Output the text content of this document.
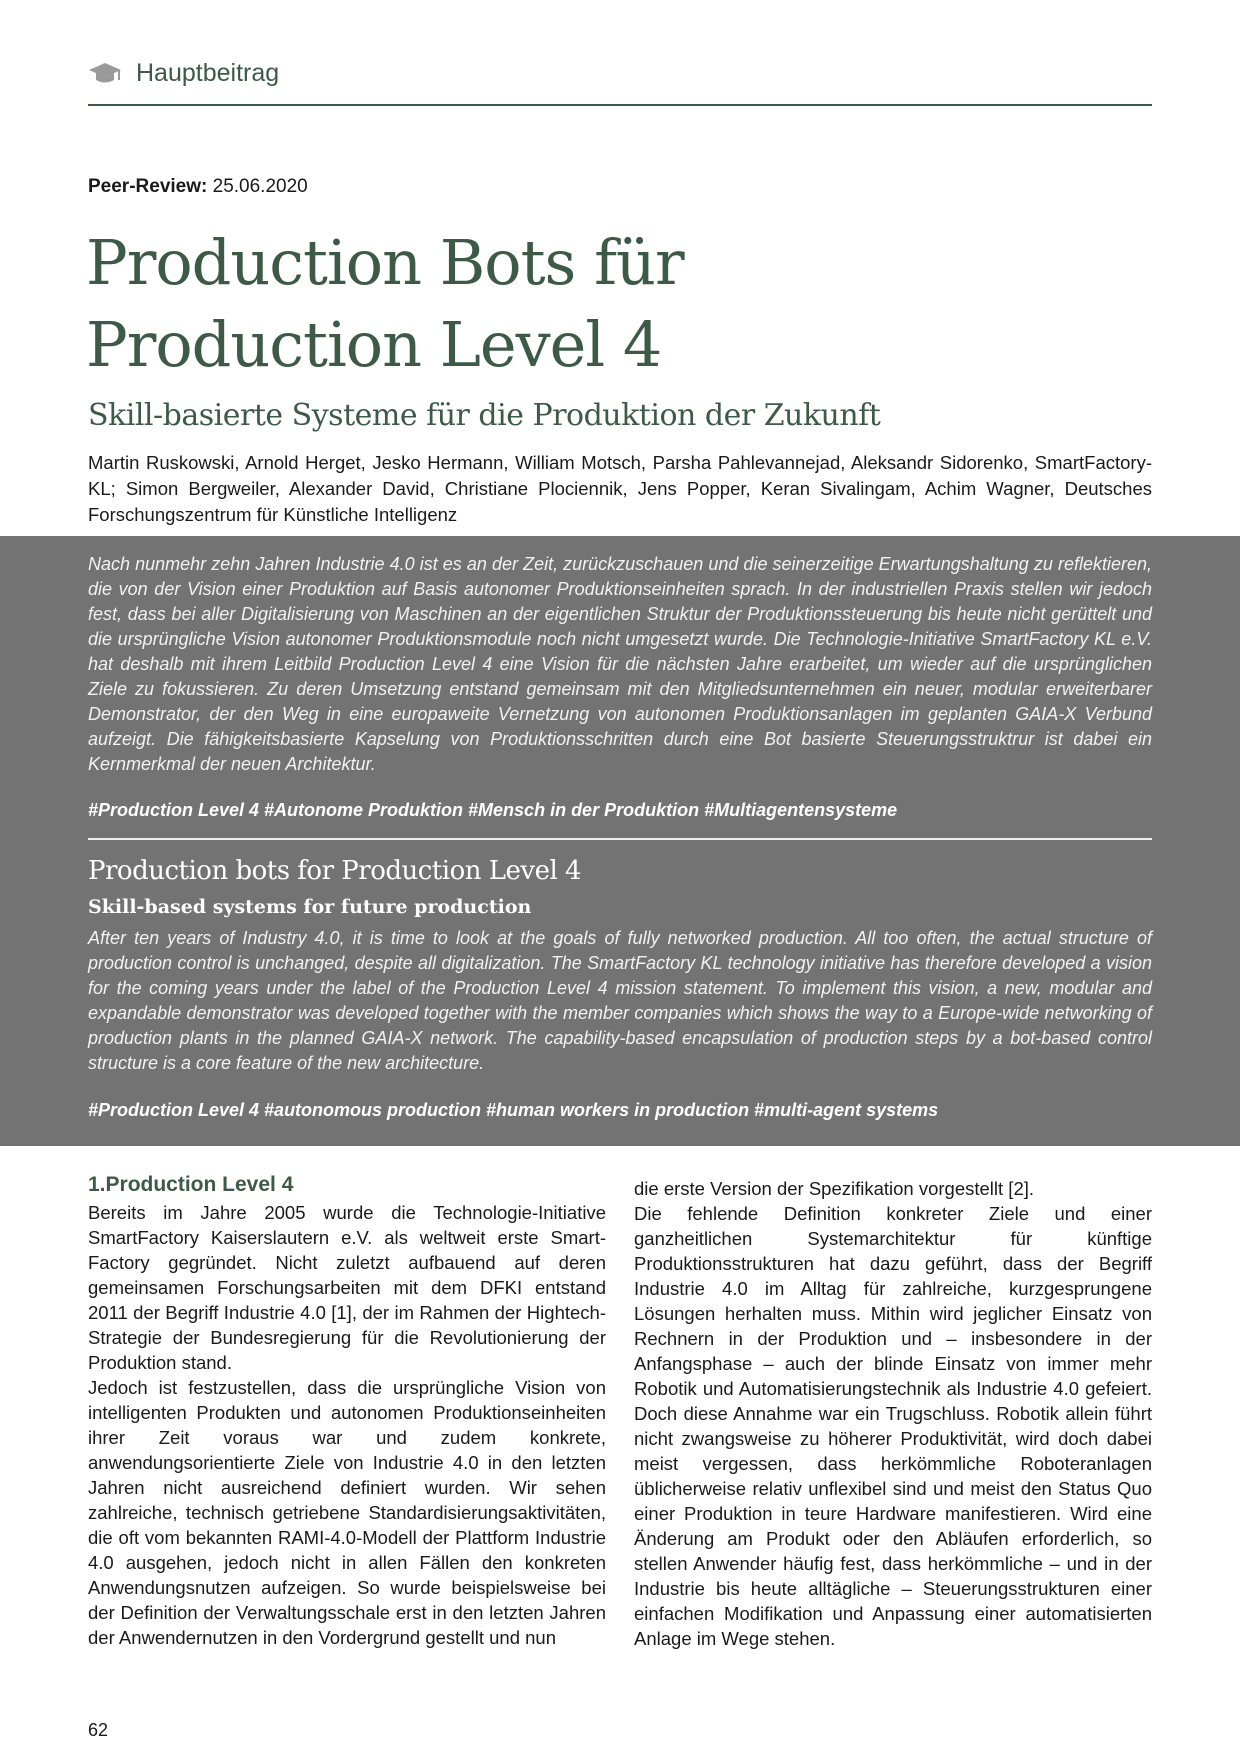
Hauptbeitrag
Peer-Review: 25.06.2020
Production Bots für
Production Level 4
Skill-basierte Systeme für die Produktion der Zukunft
Martin Ruskowski, Arnold Herget, Jesko Hermann, William Motsch, Parsha Pahlevannejad, Aleksandr Sidorenko, SmartFactory-KL; Simon Bergweiler, Alexander David, Christiane Plociennik, Jens Popper, Keran Sivalingam, Achim Wagner, Deutsches Forschungszentrum für Künstliche Intelligenz
Nach nunmehr zehn Jahren Industrie 4.0 ist es an der Zeit, zurückzuschauen und die seinerzeitige Erwartungshaltung zu reflektieren, die von der Vision einer Produktion auf Basis autonomer Produktionseinheiten sprach. In der industriellen Praxis stellen wir jedoch fest, dass bei aller Digitalisierung von Maschinen an der eigentlichen Struktur der Produktionssteuerung bis heute nicht gerüttelt und die ursprüngliche Vision autonomer Produktionsmodule noch nicht umgesetzt wurde. Die Technologie-Initiative SmartFactory KL e.V. hat deshalb mit ihrem Leitbild Production Level 4 eine Vision für die nächsten Jahre erarbeitet, um wieder auf die ursprünglichen Ziele zu fokussieren. Zu deren Umsetzung entstand gemeinsam mit den Mitgliedsunternehmen ein neuer, modular erweiterbarer Demonstrator, der den Weg in eine europaweite Vernetzung von autonomen Produktionsanlagen im geplanten GAIA-X Verbund aufzeigt. Die fähigkeitsbasierte Kapselung von Produktionsschritten durch eine Bot basierte Steuerungsstruktrur ist dabei ein Kernmerkmal der neuen Architektur.
#Production Level 4 #Autonome Produktion #Mensch in der Produktion #Multiagentensysteme
Production bots for Production Level 4
Skill-based systems for future production
After ten years of Industry 4.0, it is time to look at the goals of fully networked production. All too often, the actual structure of production control is unchanged, despite all digitalization. The SmartFactory KL technology initiative has therefore developed a vision for the coming years under the label of the Production Level 4 mission statement. To implement this vision, a new, modular and expandable demonstrator was developed together with the member companies which shows the way to a Europe-wide networking of production plants in the planned GAIA-X network. The capability-based encapsulation of production steps by a bot-based control structure is a core feature of the new architecture.
#Production Level 4 #autonomous production #human workers in production #multi-agent systems
1.Production Level 4

Bereits im Jahre 2005 wurde die Technologie-Initiative SmartFactory Kaiserslautern e.V. als weltweit erste Smart-Factory gegründet. Nicht zuletzt aufbauend auf deren gemeinsamen Forschungsarbeiten mit dem DFKI entstand 2011 der Begriff Industrie 4.0 [1], der im Rahmen der Hightech-Strategie der Bundesregierung für die Revolutionierung der Produktion stand.

Jedoch ist festzustellen, dass die ursprüngliche Vision von intelligenten Produkten und autonomen Produktionseinheiten ihrer Zeit voraus war und zudem konkrete, anwendungsorientierte Ziele von Industrie 4.0 in den letzten Jahren nicht ausreichend definiert wurden. Wir sehen zahlreiche, technisch getriebene Standardisierungsaktivitäten, die oft vom bekannten RAMI-4.0-Modell der Plattform Industrie 4.0 ausgehen, jedoch nicht in allen Fällen den konkreten Anwendungsnutzen aufzeigen. So wurde beispielsweise bei der Definition der Verwaltungsschale erst in den letzten Jahren der Anwendernutzen in den Vordergrund gestellt und nun

die erste Version der Spezifikation vorgestellt [2].

Die fehlende Definition konkreter Ziele und einer ganzheitlichen Systemarchitektur für künftige Produktionsstrukturen hat dazu geführt, dass der Begriff Industrie 4.0 im Alltag für zahlreiche, kurzgesprungene Lösungen herhalten muss. Mithin wird jeglicher Einsatz von Rechnern in der Produktion und – insbesondere in der Anfangsphase – auch der blinde Einsatz von immer mehr Robotik und Automatisierungstechnik als Industrie 4.0 gefeiert. Doch diese Annahme war ein Trugschluss. Robotik allein führt nicht zwangsweise zu höherer Produktivität, wird doch dabei meist vergessen, dass herkömmliche Roboteranlagen üblicherweise relativ unflexibel sind und meist den Status Quo einer Produktion in teure Hardware manifestieren. Wird eine Änderung am Produkt oder den Abläufen erforderlich, so stellen Anwender häufig fest, dass herkömmliche – und in der Industrie bis heute alltägliche – Steuerungsstrukturen einer einfachen Modifikation und Anpassung einer automatisierten Anlage im Wege stehen.

62
